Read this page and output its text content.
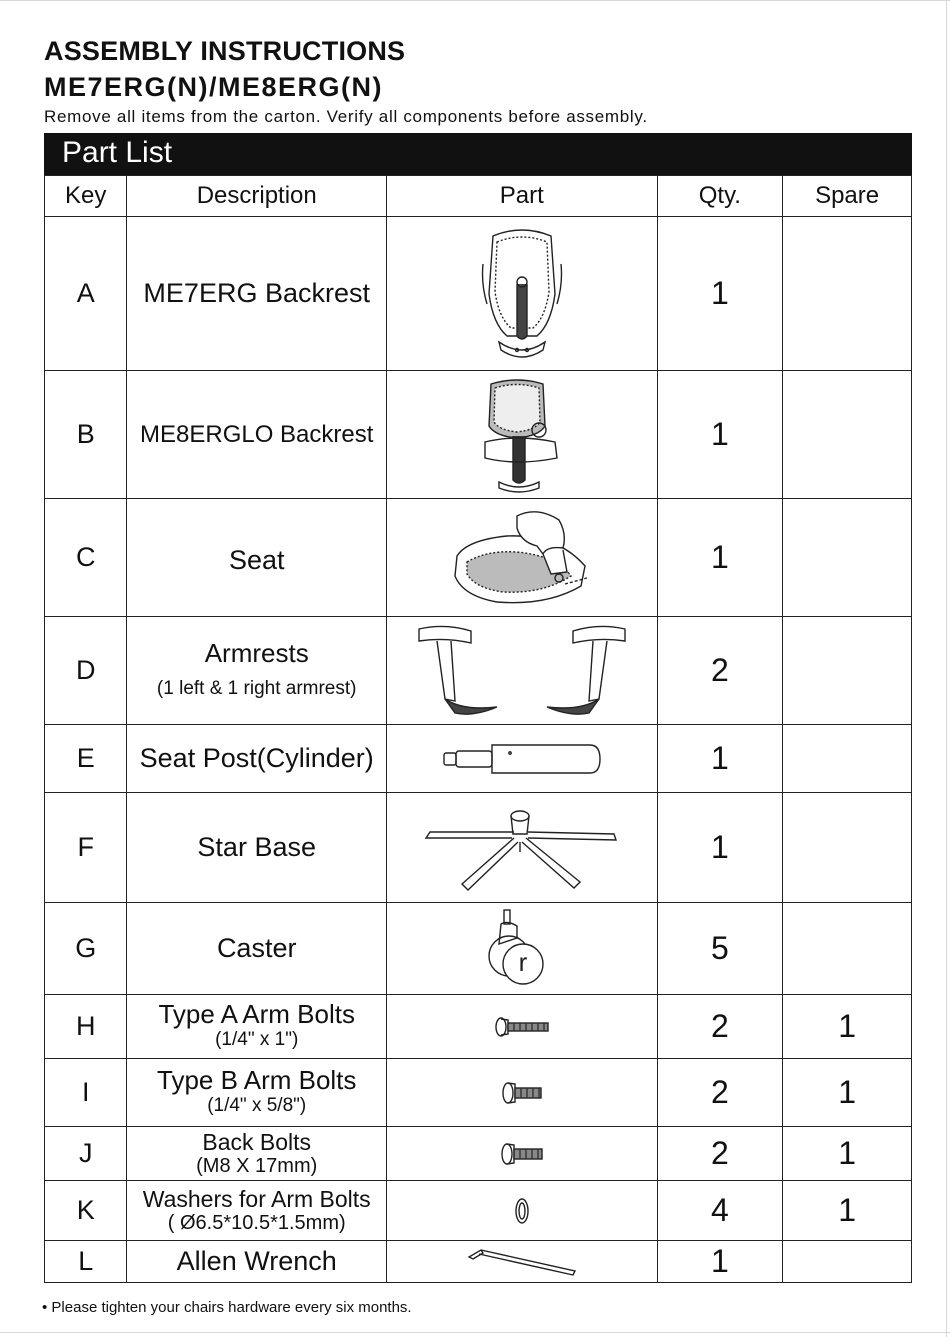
ASSEMBLY INSTRUCTIONS
ME7ERG(N)/ME8ERG(N)
Remove all items from the carton. Verify all components before assembly.
Part List
Key	Description	Part	Qty.	Spare
A	ME7ERG Backrest		1	
B	ME8ERGLO Backrest		1	
C	Seat		1	
D	Armrests
(1 left & 1 right armrest)		2	
E	Seat Post(Cylinder)		1	
F	Star Base		1	
G	Caster	r	5	
H	Type A Arm Bolts
(1/4" x 1")		2	1
I	Type B Arm Bolts
(1/4" x 5/8")		2	1
J	Back Bolts
(M8 X 17mm)		2	1
K	Washers for Arm Bolts
( Ø6.5*10.5*1.5mm)		4	1
L	Allen Wrench		1	
• Please tighten your chairs hardware every six months.
